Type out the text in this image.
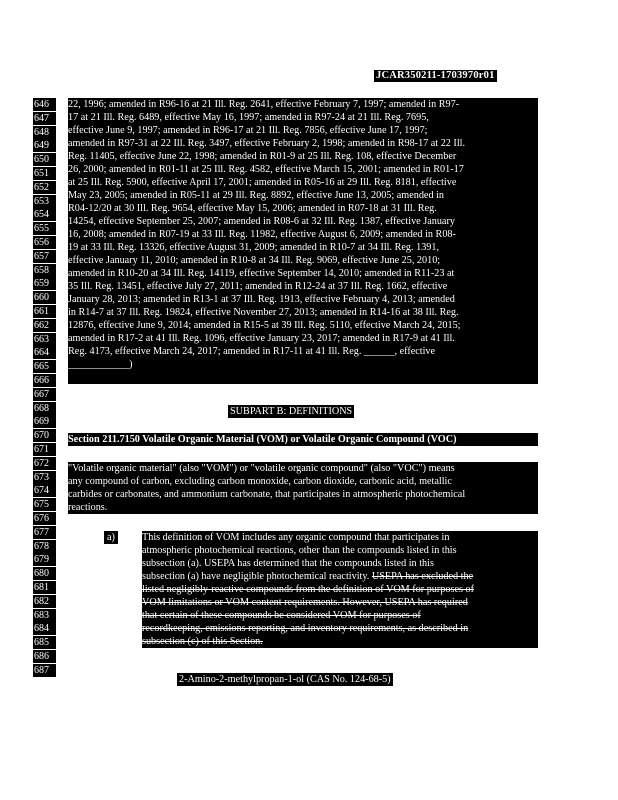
JCAR350211-1703970r01
646
647
648
649
650
651
652
653
654
655
656
657
658
659
660
661
662
663
664
665
666
667
668
669
670
671
672
673
674
675
676
677
678
679
680
681
682
683
684
685
686
687
22, 1996; amended in R96-16 at 21 Ill. Reg. 2641, effective February 7, 1997; amended in R97-
17 at 21 Ill. Reg. 6489, effective May 16, 1997; amended in R97-24 at 21 Ill. Reg. 7695,
effective June 9, 1997; amended in R96-17 at 21 Ill. Reg. 7856, effective June 17, 1997;
amended in R97-31 at 22 Ill. Reg. 3497, effective February 2, 1998; amended in R98-17 at 22 Ill.
Reg. 11405, effective June 22, 1998; amended in R01-9 at 25 Ill. Reg. 108, effective December
26, 2000; amended in R01-11 at 25 Ill. Reg. 4582, effective March 15, 2001; amended in R01-17
at 25 Ill. Reg. 5900, effective April 17, 2001; amended in R05-16 at 29 Ill. Reg. 8181, effective
May 23, 2005; amended in R05-11 at 29 Ill. Reg. 8892, effective June 13, 2005; amended in
R04-12/20 at 30 Ill. Reg. 9654, effective May 15, 2006; amended in R07-18 at 31 Ill. Reg.
14254, effective September 25, 2007; amended in R08-6 at 32 Ill. Reg. 1387, effective January
16, 2008; amended in R07-19 at 33 Ill. Reg. 11982, effective August 6, 2009; amended in R08-
19 at 33 Ill. Reg. 13326, effective August 31, 2009; amended in R10-7 at 34 Ill. Reg. 1391,
effective January 11, 2010; amended in R10-8 at 34 Ill. Reg. 9069, effective June 25, 2010;
amended in R10-20 at 34 Ill. Reg. 14119, effective September 14, 2010; amended in R11-23 at
35 Ill. Reg. 13451, effective July 27, 2011; amended in R12-24 at 37 Ill. Reg. 1662, effective
January 28, 2013; amended in R13-1 at 37 Ill. Reg. 1913, effective February 4, 2013; amended
in R14-7 at 37 Ill. Reg. 19824, effective November 27, 2013; amended in R14-16 at 38 Ill. Reg.
12876, effective June 9, 2014; amended in R15-5 at 39 Ill. Reg. 5110, effective March 24, 2015;
amended in R17-2 at 41 Ill. Reg. 1096, effective January 23, 2017; amended in R17-9 at 41 Ill.
Reg. 4173, effective March 24, 2017; amended in R17-11 at 41 Ill. Reg. ______, effective
____________)
SUBPART B: DEFINITIONS
Section 211.7150 Volatile Organic Material (VOM) or Volatile Organic Compound (VOC)
"Volatile organic material" (also "VOM") or "volatile organic compound" (also "VOC") means
any compound of carbon, excluding carbon monoxide, carbon dioxide, carbonic acid, metallic
carbides or carbonates, and ammonium carbonate, that participates in atmospheric photochemical
reactions.
a)	This definition of VOM includes any organic compound that participates in
atmospheric photochemical reactions, other than the compounds listed in this
subsection (a). USEPA has determined that the compounds listed in this
subsection (a) have negligible photochemical reactivity. USEPA has excluded the
listed negligibly-reactive compounds from the definition of VOM for purposes of
VOM limitations or VOM content requirements. However, USEPA has required
that certain of these compounds be considered VOM for purposes of
recordkeeping, emissions reporting, and inventory requirements, as described in
subsection (c) of this Section.
2-Amino-2-methylpropan-1-ol (CAS No. 124-68-5)
